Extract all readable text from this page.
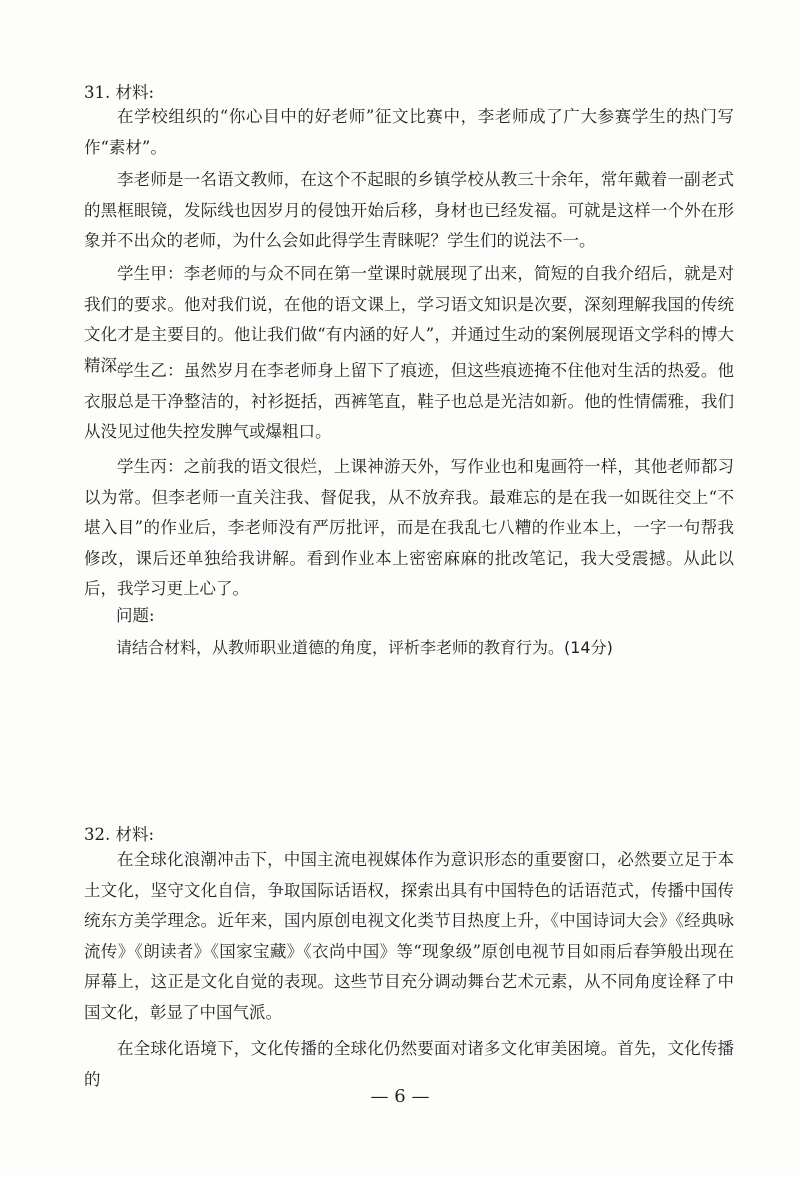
31. 材料:

在学校组织的“你心目中的好老师”征文比赛中，李老师成了广大参赛学生的热门写作“素材”。

李老师是一名语文教师，在这个不起眼的乡镇学校从教三十余年，常年戴着一副老式的黑框眼镜，发际线也因岁月的侵蚀开始后移，身材也已经发福。可就是这样一个外在形象并不出众的老师，为什么会如此得学生青睐呢？学生们的说法不一。

学生甲：李老师的与众不同在第一堂课时就展现了出来，简短的自我介绍后，就是对我们的要求。他对我们说，在他的语文课上，学习语文知识是次要，深刻理解我国的传统文化才是主要目的。他让我们做“有内涵的好人”，并通过生动的案例展现语文学科的博大精深。

学生乙：虽然岁月在李老师身上留下了痕迹，但这些痕迹掩不住他对生活的热爱。他衣服总是干净整洁的，衬衫挺括，西裤笔直，鞋子也总是光洁如新。他的性情儒雅，我们从没见过他失控发脾气或爆粗口。

学生丙：之前我的语文很烂，上课神游天外，写作业也和鬼画符一样，其他老师都习以为常。但李老师一直关注我、督促我，从不放弃我。最难忘的是在我一如既往交上“不堪入目”的作业后，李老师没有严厉批评，而是在我乱七八糟的作业本上，一字一句帮我修改，课后还单独给我讲解。看到作业本上密密麻麻的批改笔记，我大受震撼。从此以后，我学习更上心了。

问题:
请结合材料，从教师职业道德的角度，评析李老师的教育行为。(14分)
32. 材料:

在全球化浪潮冲击下，中国主流电视媒体作为意识形态的重要窗口，必然要立足于本土文化，坚守文化自信，争取国际话语权，探索出具有中国特色的话语范式，传播中国传统东方美学理念。近年来，国内原创电视文化类节目热度上升，《中国诗词大会》《经典咏流传》《朗读者》《国家宝藏》《衣尚中国》等“现象级”原创电视节目如雨后春笋般出现在屏幕上，这正是文化自觉的表现。这些节目充分调动舞台艺术元素，从不同角度诠释了中国文化，彰显了中国气派。

在全球化语境下，文化传播的全球化仍然要面对诸多文化审美困境。首先，文化传播的

— 6 —
